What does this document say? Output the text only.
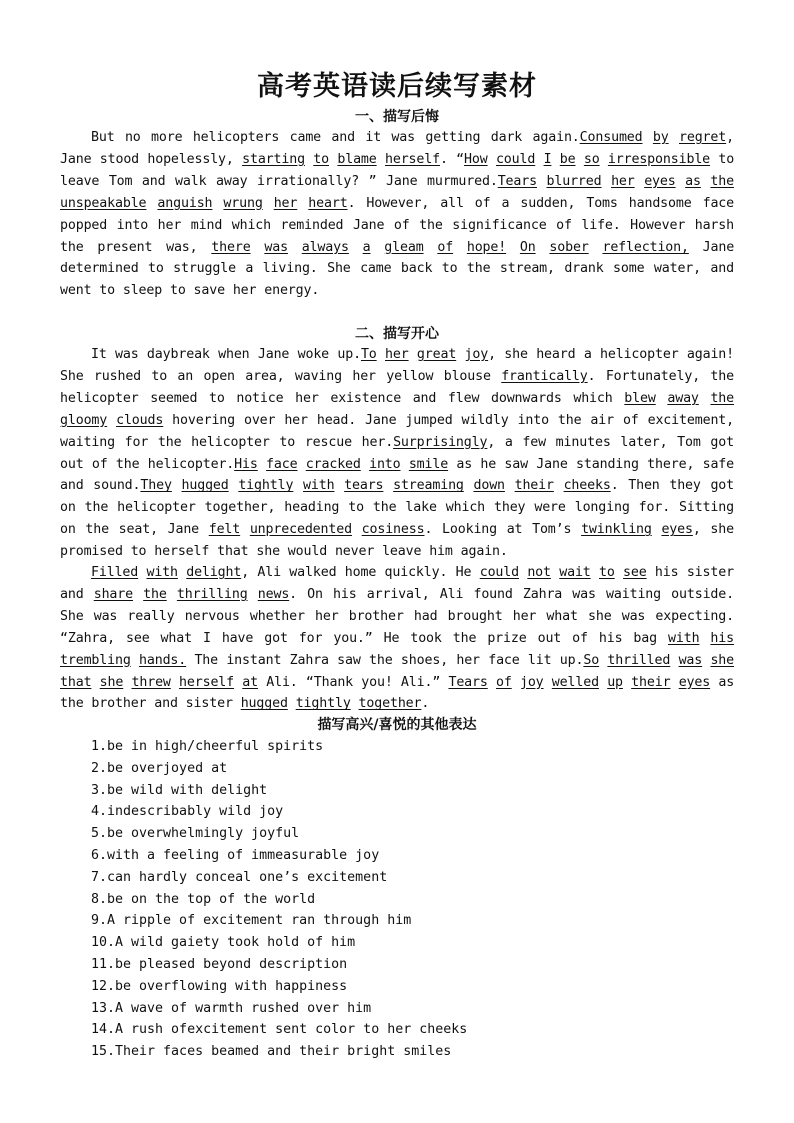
高考英语读后续写素材
一、描写后悔

But no more helicopters came and it was getting dark again.Consumed by regret, Jane stood hopelessly, starting to blame herself. “How could I be so irresponsible to leave Tom and walk away irrationally? ” Jane murmured.Tears blurred her eyes as the unspeakable anguish wrung her heart. However, all of a sudden, Toms handsome face popped into her mind which reminded Jane of the significance of life. However harsh the present was, there was always a gleam of hope! On sober reflection, Jane determined to struggle a living. She came back to the stream, drank some water, and went to sleep to save her energy.

二、描写开心

It was daybreak when Jane woke up.To her great joy, she heard a helicopter again! She rushed to an open area, waving her yellow blouse frantically. Fortunately, the helicopter seemed to notice her existence and flew downwards which blew away the gloomy clouds hovering over her head. Jane jumped wildly into the air of excitement, waiting for the helicopter to rescue her.Surprisingly, a few minutes later, Tom got out of the helicopter.His face cracked into smile as he saw Jane standing there, safe and sound.They hugged tightly with tears streaming down their cheeks. Then they got on the helicopter together, heading to the lake which they were longing for. Sitting on the seat, Jane felt unprecedented cosiness. Looking at Tom’s twinkling eyes, she promised to herself that she would never leave him again.

Filled with delight, Ali walked home quickly. He could not wait to see his sister and share the thrilling news. On his arrival, Ali found Zahra was waiting outside. She was really nervous whether her brother had brought her what she was expecting. “Zahra, see what I have got for you.” He took the prize out of his bag with his trembling hands. The instant Zahra saw the shoes, her face lit up.So thrilled was she that she threw herself at Ali. “Thank you! Ali.” Tears of joy welled up their eyes as the brother and sister hugged tightly together.

描写高兴/喜悦的其他表达
1.be in high/cheerful spirits
2.be overjoyed at
3.be wild with delight
4.indescribably wild joy
5.be overwhelmingly joyful
6.with a feeling of immeasurable joy
7.can hardly conceal one’s excitement
8.be on the top of the world
9.A ripple of excitement ran through him
10.A wild gaiety took hold of him
11.be pleased beyond description
12.be overflowing with happiness
13.A wave of warmth rushed over him
14.A rush ofexcitement sent color to her cheeks
15.Their faces beamed and their bright smiles
